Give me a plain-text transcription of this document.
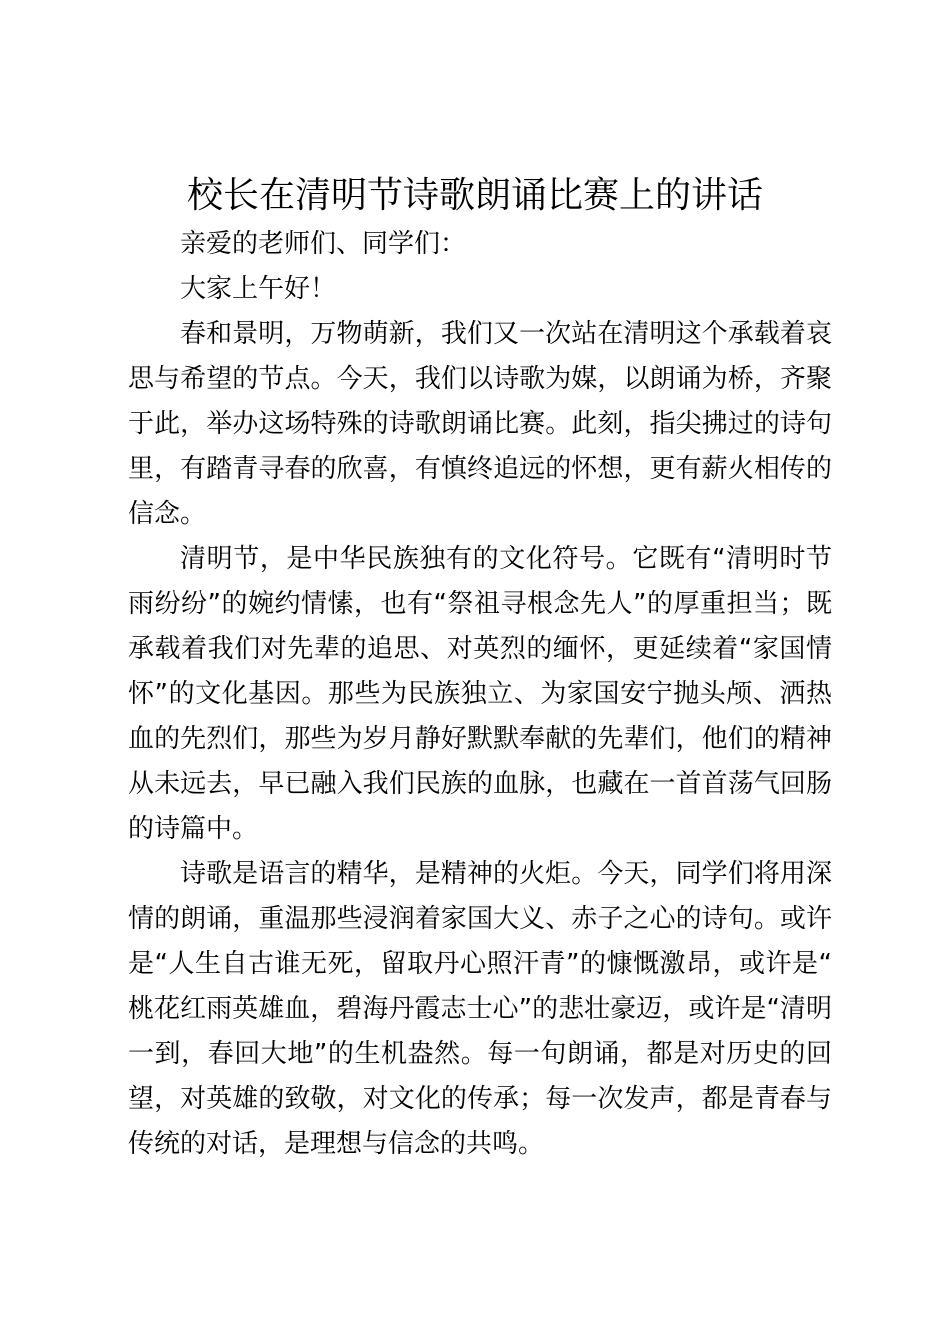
校长在清明节诗歌朗诵比赛上的讲话

亲爱的老师们、同学们：

大家上午好！

春和景明，万物萌新，我们又一次站在清明这个承载着哀思与希望的节点。今天，我们以诗歌为媒，以朗诵为桥，齐聚于此，举办这场特殊的诗歌朗诵比赛。此刻，指尖拂过的诗句里，有踏青寻春的欣喜，有慎终追远的怀想，更有薪火相传的信念。

清明节，是中华民族独有的文化符号。它既有“清明时节雨纷纷”的婉约情愫，也有“祭祖寻根念先人”的厚重担当；既承载着我们对先辈的追思、对英烈的缅怀，更延续着“家国情怀”的文化基因。那些为民族独立、为家国安宁抛头颅、洒热血的先烈们，那些为岁月静好默默奉献的先辈们，他们的精神从未远去，早已融入我们民族的血脉，也藏在一首首荡气回肠的诗篇中。

诗歌是语言的精华，是精神的火炬。今天，同学们将用深情的朗诵，重温那些浸润着家国大义、赤子之心的诗句。或许是“人生自古谁无死，留取丹心照汗青”的慷慨激昂，或许是“桃花红雨英雄血，碧海丹霞志士心”的悲壮豪迈，或许是“清明一到，春回大地”的生机盎然。每一句朗诵，都是对历史的回望，对英雄的致敬，对文化的传承；每一次发声，都是青春与传统的对话，是理想与信念的共鸣。
